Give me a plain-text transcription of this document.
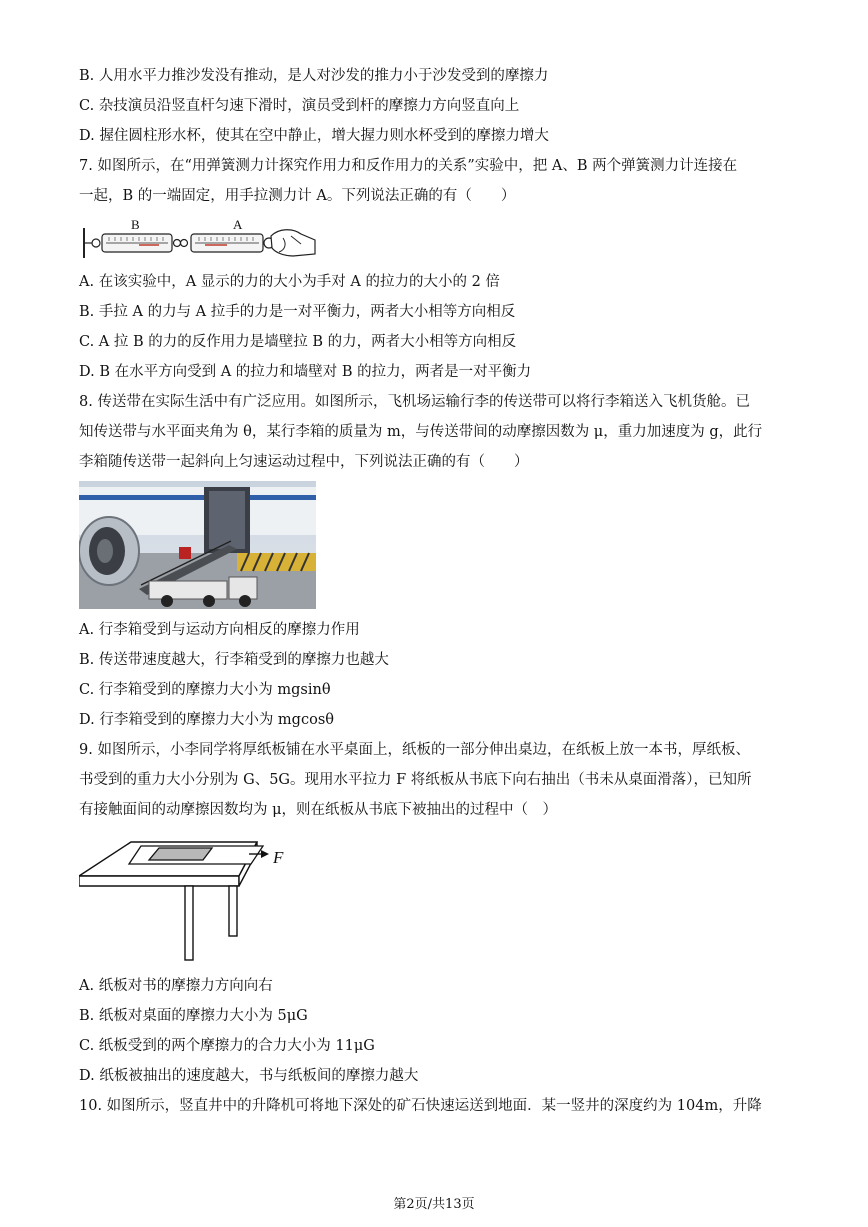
B. 人用水平力推沙发没有推动，是人对沙发的推力小于沙发受到的摩擦力
C. 杂技演员沿竖直杆匀速下滑时，演员受到杆的摩擦力方向竖直向上
D. 握住圆柱形水杯，使其在空中静止，增大握力则水杯受到的摩擦力增大
7. 如图所示，在“用弹簧测力计探究作用力和反作用力的关系”实验中，把 A、B 两个弹簧测力计连接在
一起，B 的一端固定，用手拉测力计 A。下列说法正确的有（　　）
B	A
A. 在该实验中，A 显示的力的大小为手对 A 的拉力的大小的 2 倍
B. 手拉 A 的力与 A 拉手的力是一对平衡力，两者大小相等方向相反
C. A 拉 B 的力的反作用力是墙壁拉 B 的力，两者大小相等方向相反
D. B 在水平方向受到 A 的拉力和墙壁对 B 的拉力，两者是一对平衡力
8. 传送带在实际生活中有广泛应用。如图所示，飞机场运输行李的传送带可以将行李箱送入飞机货舱。已
知传送带与水平面夹角为 θ，某行李箱的质量为 m，与传送带间的动摩擦因数为 μ，重力加速度为 g，此行
李箱随传送带一起斜向上匀速运动过程中，下列说法正确的有（　　）
A. 行李箱受到与运动方向相反的摩擦力作用
B. 传送带速度越大，行李箱受到的摩擦力也越大
C. 行李箱受到的摩擦力大小为 mgsinθ
D. 行李箱受到的摩擦力大小为 mgcosθ
9. 如图所示，小李同学将厚纸板铺在水平桌面上，纸板的一部分伸出桌边，在纸板上放一本书，厚纸板、
书受到的重力大小分别为 G、5G。现用水平拉力 F 将纸板从书底下向右抽出（书未从桌面滑落），已知所
有接触面间的动摩擦因数均为 μ，则在纸板从书底下被抽出的过程中（　）
F
A. 纸板对书的摩擦力方向向右
B. 纸板对桌面的摩擦力大小为 5μG
C. 纸板受到的两个摩擦力的合力大小为 11μG
D. 纸板被抽出的速度越大，书与纸板间的摩擦力越大
10. 如图所示，竖直井中的升降机可将地下深处的矿石快速运送到地面．某一竖井的深度约为 104m，升降
第2页/共13页
